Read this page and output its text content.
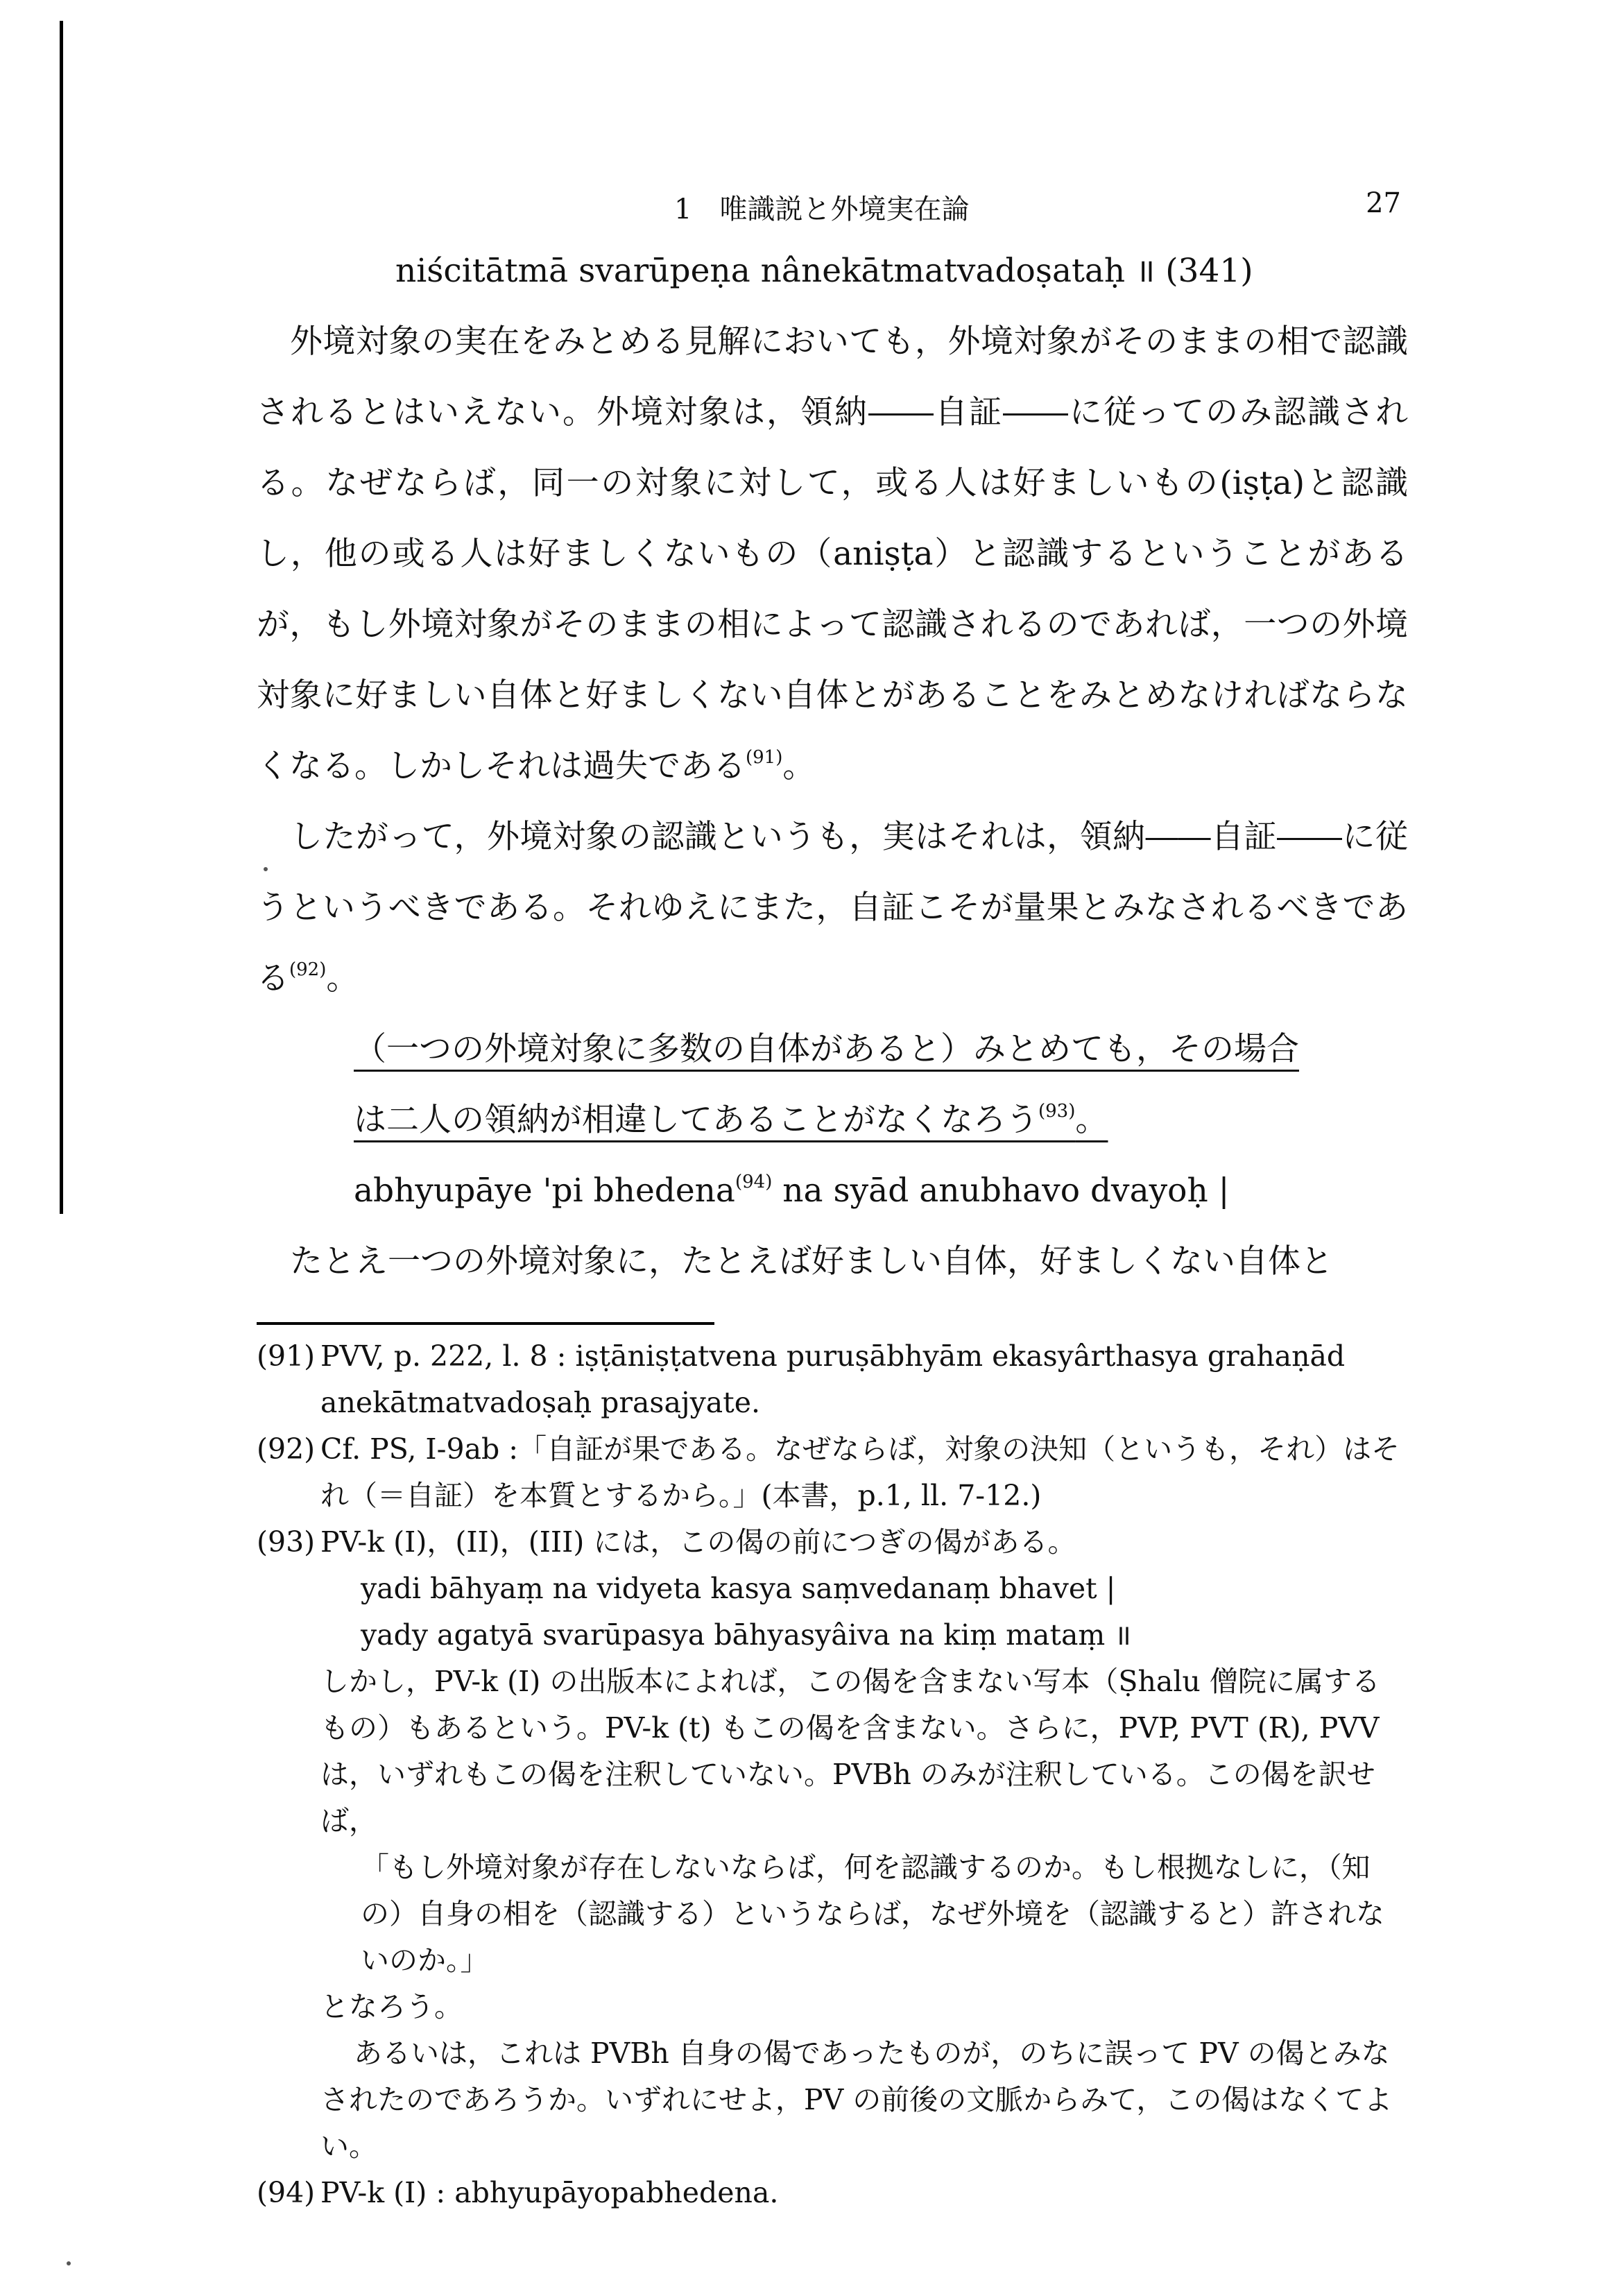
1　唯識説と外境実在論	27

niścitātmā svarūpeṇa nânekātmatvadoṣataḥ ॥ (341)

外境対象の実在をみとめる見解においても，外境対象がそのままの相で認識されるとはいえない。外境対象は，領納――自証――に従ってのみ認識される。なぜならば，同一の対象に対して，或る人は好ましいもの(iṣṭa)と認識し，他の或る人は好ましくないもの（aniṣṭa）と認識するということがあるが，もし外境対象がそのままの相によって認識されるのであれば，一つの外境対象に好ましい自体と好ましくない自体とがあることをみとめなければならなくなる。しかしそれは過失である$^{(91)}$。

したがって，外境対象の認識というも，実はそれは，領納――自証――に従うというべきである。それゆえにまた，自証こそが量果とみなされるべきである$^{(92)}$。

（一つの外境対象に多数の自体があると）みとめても，その場合
は二人の領納が相違してあることがなくなろう$^{(93)}$。

abhyupāye 'pi bhedena$^{(94)}$ na syād anubhavo dvayoḥ |

たとえ一つの外境対象に，たとえば好ましい自体，好ましくない自体と

(91) PVV, p. 222, l. 8 : iṣṭāniṣṭatvena puruṣābhyām ekasyârthasya grahaṇād anekātmatvadoṣaḥ prasajyate.
(92) Cf. PS, I-9ab :「自証が果である。なぜならば，対象の決知（というも，それ）はそれ（＝自証）を本質とするから。」(本書，p.1, ll. 7-12.)
(93) PV-k (I)，(II)，(III) には，この偈の前につぎの偈がある。
yadi bāhyaṃ na vidyeta kasya saṃvedanaṃ bhavet |
yady agatyā svarūpasya bāhyasyâiva na kiṃ mataṃ ॥
しかし，PV-k (I) の出版本によれば，この偈を含まない写本（Ṣhalu 僧院に属するもの）もあるという。PV-k (t) もこの偈を含まない。さらに，PVP, PVT (R), PVV は，いずれもこの偈を注釈していない。PVBh のみが注釈している。この偈を訳せば，
「もし外境対象が存在しないならば，何を認識するのか。もし根拠なしに，（知の）自身の相を（認識する）というならば，なぜ外境を（認識すると）許されないのか。」
となろう。
あるいは，これは PVBh 自身の偈であったものが，のちに誤って PV の偈とみなされたのであろうか。いずれにせよ，PV の前後の文脈からみて，この偈はなくてよい。
(94) PV-k (I) : abhyupāyopabhedena.
